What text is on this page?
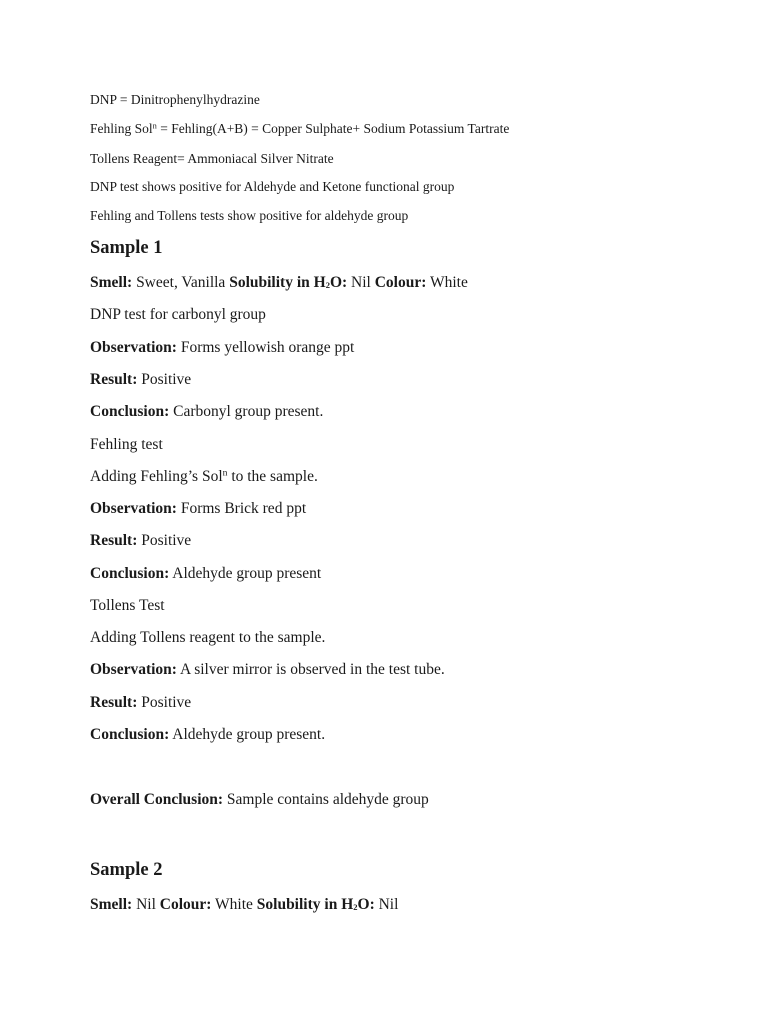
DNP = Dinitrophenylhydrazine
Fehling Sol$^n$ = Fehling(A+B) = Copper Sulphate+ Sodium Potassium Tartrate
Tollens Reagent= Ammoniacal Silver Nitrate
DNP test shows positive for Aldehyde and Ketone functional group
Fehling and Tollens tests show positive for aldehyde group
Sample 1
Smell: Sweet, Vanilla Solubility in $H_2O$: Nil Colour: White
DNP test for carbonyl group
Observation: Forms yellowish orange ppt
Result: Positive
Conclusion: Carbonyl group present.
Fehling test
Adding Fehling’s Sol$^n$ to the sample.
Observation: Forms Brick red ppt
Result: Positive
Conclusion: Aldehyde group present
Tollens Test
Adding Tollens reagent to the sample.
Observation: A silver mirror is observed in the test tube.
Result: Positive
Conclusion: Aldehyde group present.
Overall Conclusion: Sample contains aldehyde group
Sample 2
Smell: Nil Colour: White Solubility in $H_2O$: Nil
